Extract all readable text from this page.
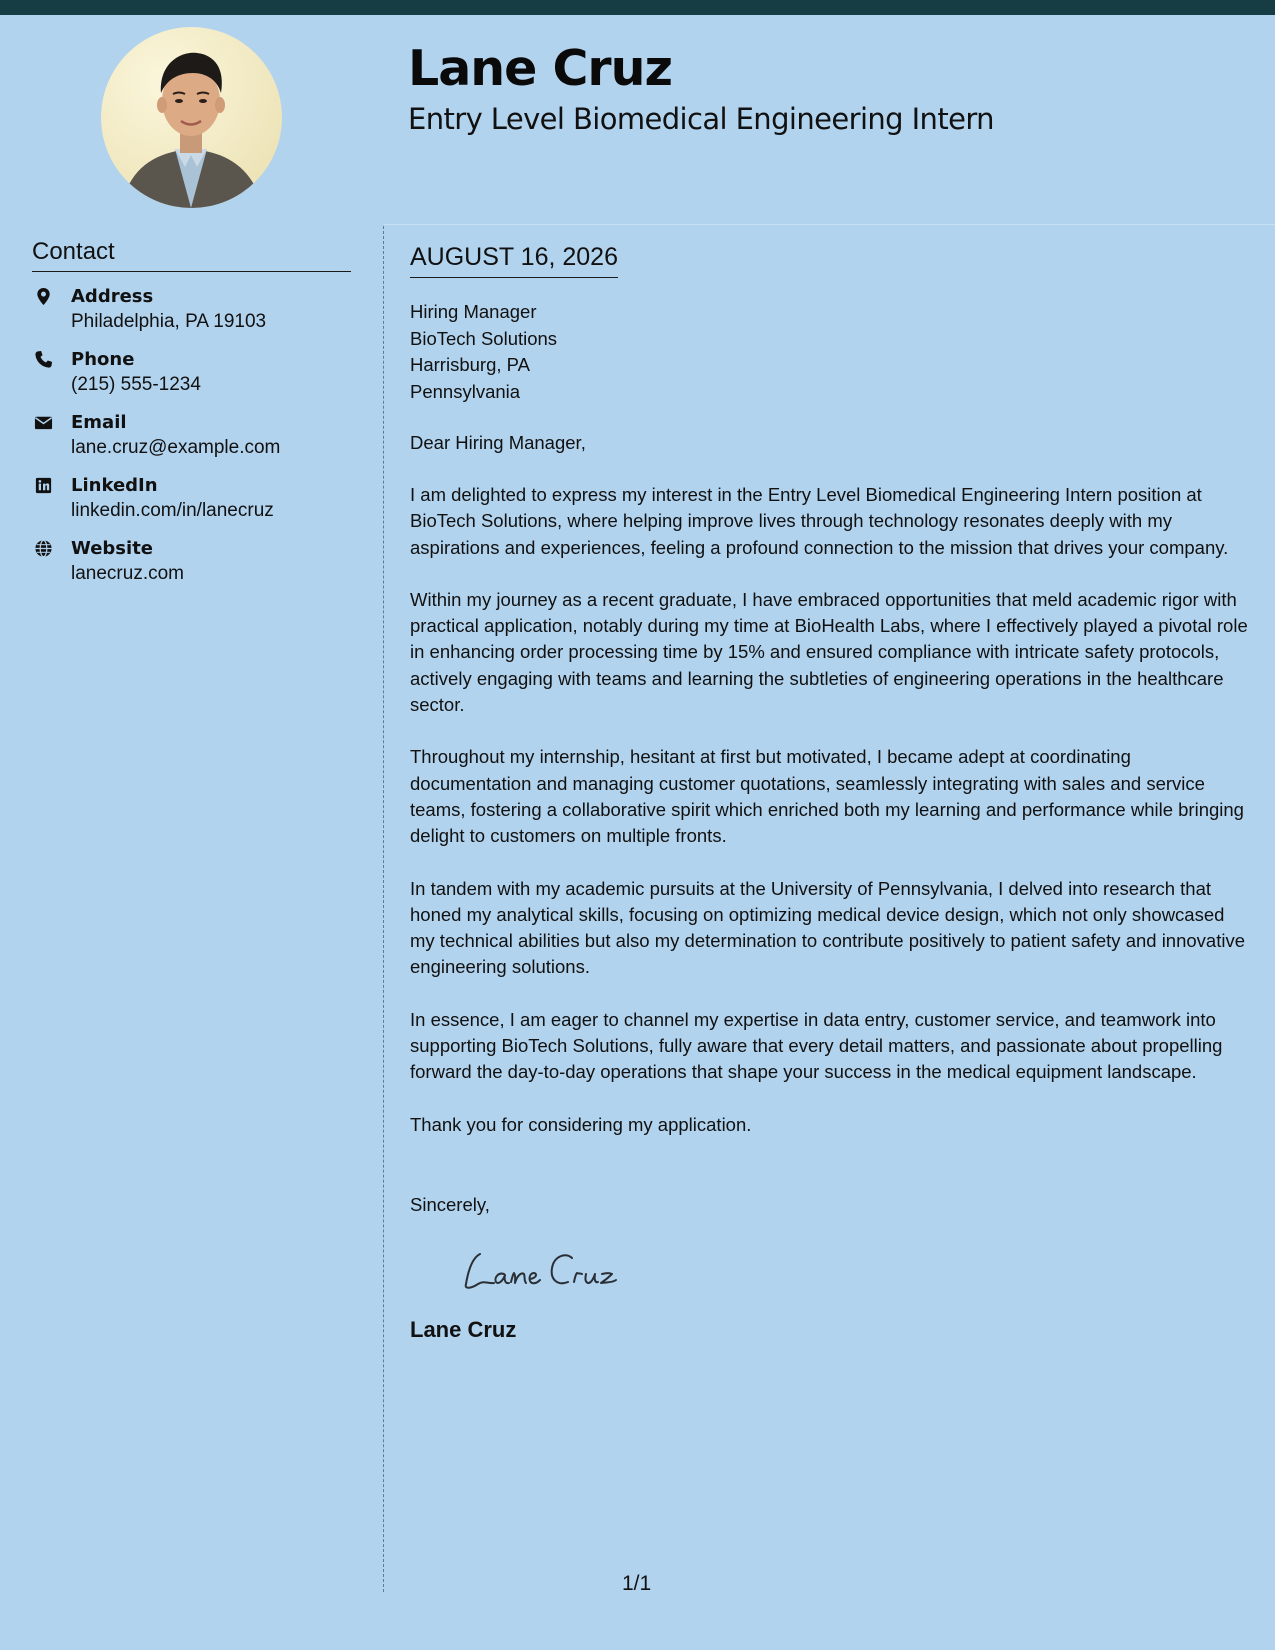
Lane Cruz
Entry Level Biomedical Engineering Intern
Contact
Address
Philadelphia, PA 19103
Phone
(215) 555-1234
Email
lane.cruz@example.com
LinkedIn
linkedin.com/in/lanecruz
Website
lanecruz.com
AUGUST 16, 2026
Hiring Manager
BioTech Solutions
Harrisburg, PA
Pennsylvania
Dear Hiring Manager,
I am delighted to express my interest in the Entry Level Biomedical Engineering Intern position at BioTech Solutions, where helping improve lives through technology resonates deeply with my aspirations and experiences, feeling a profound connection to the mission that drives your company.
Within my journey as a recent graduate, I have embraced opportunities that meld academic rigor with practical application, notably during my time at BioHealth Labs, where I effectively played a pivotal role in enhancing order processing time by 15% and ensured compliance with intricate safety protocols, actively engaging with teams and learning the subtleties of engineering operations in the healthcare sector.
Throughout my internship, hesitant at first but motivated, I became adept at coordinating documentation and managing customer quotations, seamlessly integrating with sales and service teams, fostering a collaborative spirit which enriched both my learning and performance while bringing delight to customers on multiple fronts.
In tandem with my academic pursuits at the University of Pennsylvania, I delved into research that honed my analytical skills, focusing on optimizing medical device design, which not only showcased my technical abilities but also my determination to contribute positively to patient safety and innovative engineering solutions.
In essence, I am eager to channel my expertise in data entry, customer service, and teamwork into supporting BioTech Solutions, fully aware that every detail matters, and passionate about propelling forward the day-to-day operations that shape your success in the medical equipment landscape.
Thank you for considering my application.
Sincerely,
Lane Cruz
1/1
